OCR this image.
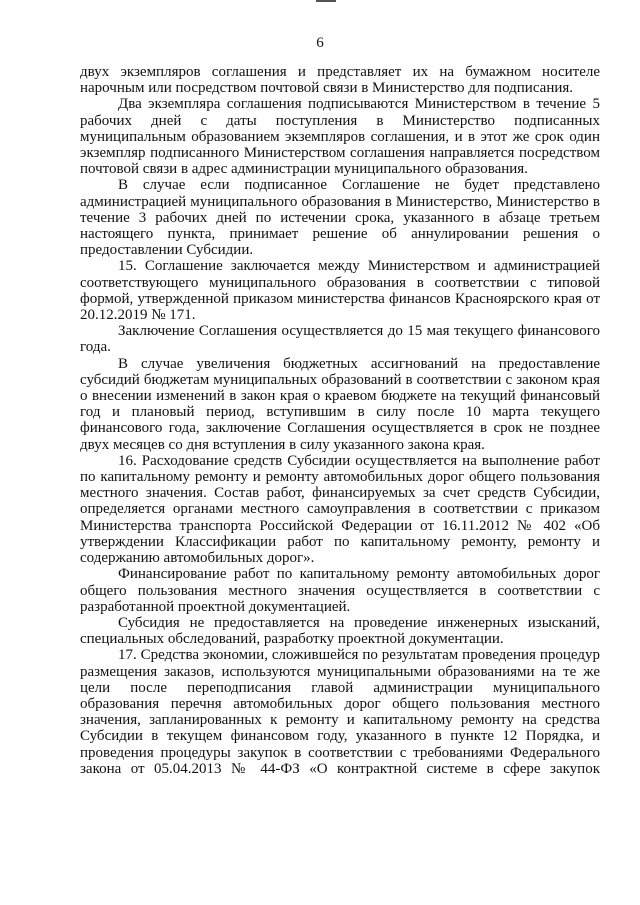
6

двух экземпляров соглашения и представляет их на бумажном носителе нарочным или посредством почтовой связи в Министерство для подписания.

Два экземпляра соглашения подписываются Министерством в течение 5 рабочих дней с даты поступления в Министерство подписанных муниципальным образованием экземпляров соглашения, и в этот же срок один экземпляр подписанного Министерством соглашения направляется посредством почтовой связи в адрес администрации муниципального образования.

В случае если подписанное Соглашение не будет представлено администрацией муниципального образования в Министерство, Министерство в течение 3 рабочих дней по истечении срока, указанного в абзаце третьем настоящего пункта, принимает решение об аннулировании решения о предоставлении Субсидии.

15. Соглашение заключается между Министерством и администрацией соответствующего муниципального образования в соответствии с типовой формой, утвержденной приказом министерства финансов Красноярского края от 20.12.2019 № 171.

Заключение Соглашения осуществляется до 15 мая текущего финансового года.

В случае увеличения бюджетных ассигнований на предоставление субсидий бюджетам муниципальных образований в соответствии с законом края о внесении изменений в закон края о краевом бюджете на текущий финансовый год и плановый период, вступившим в силу после 10 марта текущего финансового года, заключение Соглашения осуществляется в срок не позднее двух месяцев со дня вступления в силу указанного закона края.

16. Расходование средств Субсидии осуществляется на выполнение работ по капитальному ремонту и ремонту автомобильных дорог общего пользования местного значения. Состав работ, финансируемых за счет средств Субсидии, определяется органами местного самоуправления в соответствии с приказом Министерства транспорта Российской Федерации от 16.11.2012 № 402 «Об утверждении Классификации работ по капитальному ремонту, ремонту и содержанию автомобильных дорог».

Финансирование работ по капитальному ремонту автомобильных дорог общего пользования местного значения осуществляется в соответствии с разработанной проектной документацией.

Субсидия не предоставляется на проведение инженерных изысканий, специальных обследований, разработку проектной документации.

17. Средства экономии, сложившейся по результатам проведения процедур размещения заказов, используются муниципальными образованиями на те же цели после переподписания главой администрации муниципального образования перечня автомобильных дорог общего пользования местного значения, запланированных к ремонту и капитальному ремонту на средства Субсидии в текущем финансовом году, указанного в пункте 12 Порядка, и проведения процедуры закупок в соответствии с требованиями Федерального закона от 05.04.2013 № 44-ФЗ «О контрактной системе в сфере закупок
